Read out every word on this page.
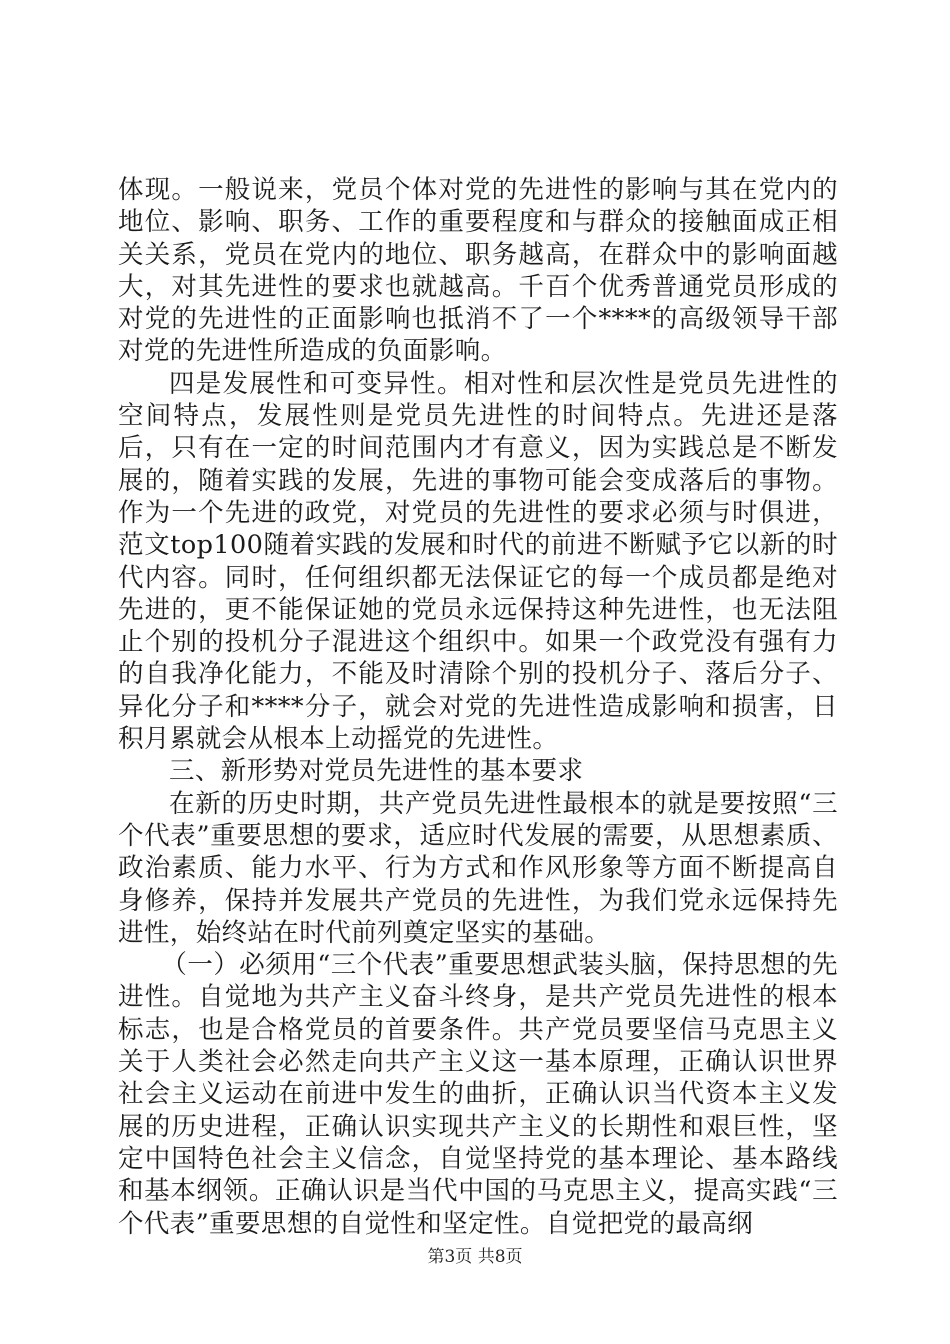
体现。一般说来，党员个体对党的先进性的影响与其在党内的地位、影响、职务、工作的重要程度和与群众的接触面成正相关关系，党员在党内的地位、职务越高，在群众中的影响面越大，对其先进性的要求也就越高。千百个优秀普通党员形成的对党的先进性的正面影响也抵消不了一个****的高级领导干部对党的先进性所造成的负面影响。

四是发展性和可变异性。相对性和层次性是党员先进性的空间特点，发展性则是党员先进性的时间特点。先进还是落后，只有在一定的时间范围内才有意义，因为实践总是不断发展的，随着实践的发展，先进的事物可能会变成落后的事物。作为一个先进的政党，对党员的先进性的要求必须与时俱进，范文top100随着实践的发展和时代的前进不断赋予它以新的时代内容。同时，任何组织都无法保证它的每一个成员都是绝对先进的，更不能保证她的党员永远保持这种先进性，也无法阻止个别的投机分子混进这个组织中。如果一个政党没有强有力的自我净化能力，不能及时清除个别的投机分子、落后分子、异化分子和****分子，就会对党的先进性造成影响和损害，日积月累就会从根本上动摇党的先进性。

三、新形势对党员先进性的基本要求

在新的历史时期，共产党员先进性最根本的就是要按照“三个代表”重要思想的要求，适应时代发展的需要，从思想素质、政治素质、能力水平、行为方式和作风形象等方面不断提高自身修养，保持并发展共产党员的先进性，为我们党永远保持先进性，始终站在时代前列奠定坚实的基础。

（一）必须用“三个代表”重要思想武装头脑，保持思想的先进性。自觉地为共产主义奋斗终身，是共产党员先进性的根本标志，也是合格党员的首要条件。共产党员要坚信马克思主义关于人类社会必然走向共产主义这一基本原理，正确认识世界社会主义运动在前进中发生的曲折，正确认识当代资本主义发展的历史进程，正确认识实现共产主义的长期性和艰巨性，坚定中国特色社会主义信念，自觉坚持党的基本理论、基本路线和基本纲领。正确认识是当代中国的马克思主义，提高实践“三个代表”重要思想的自觉性和坚定性。自觉把党的最高纲

第3页 共8页
